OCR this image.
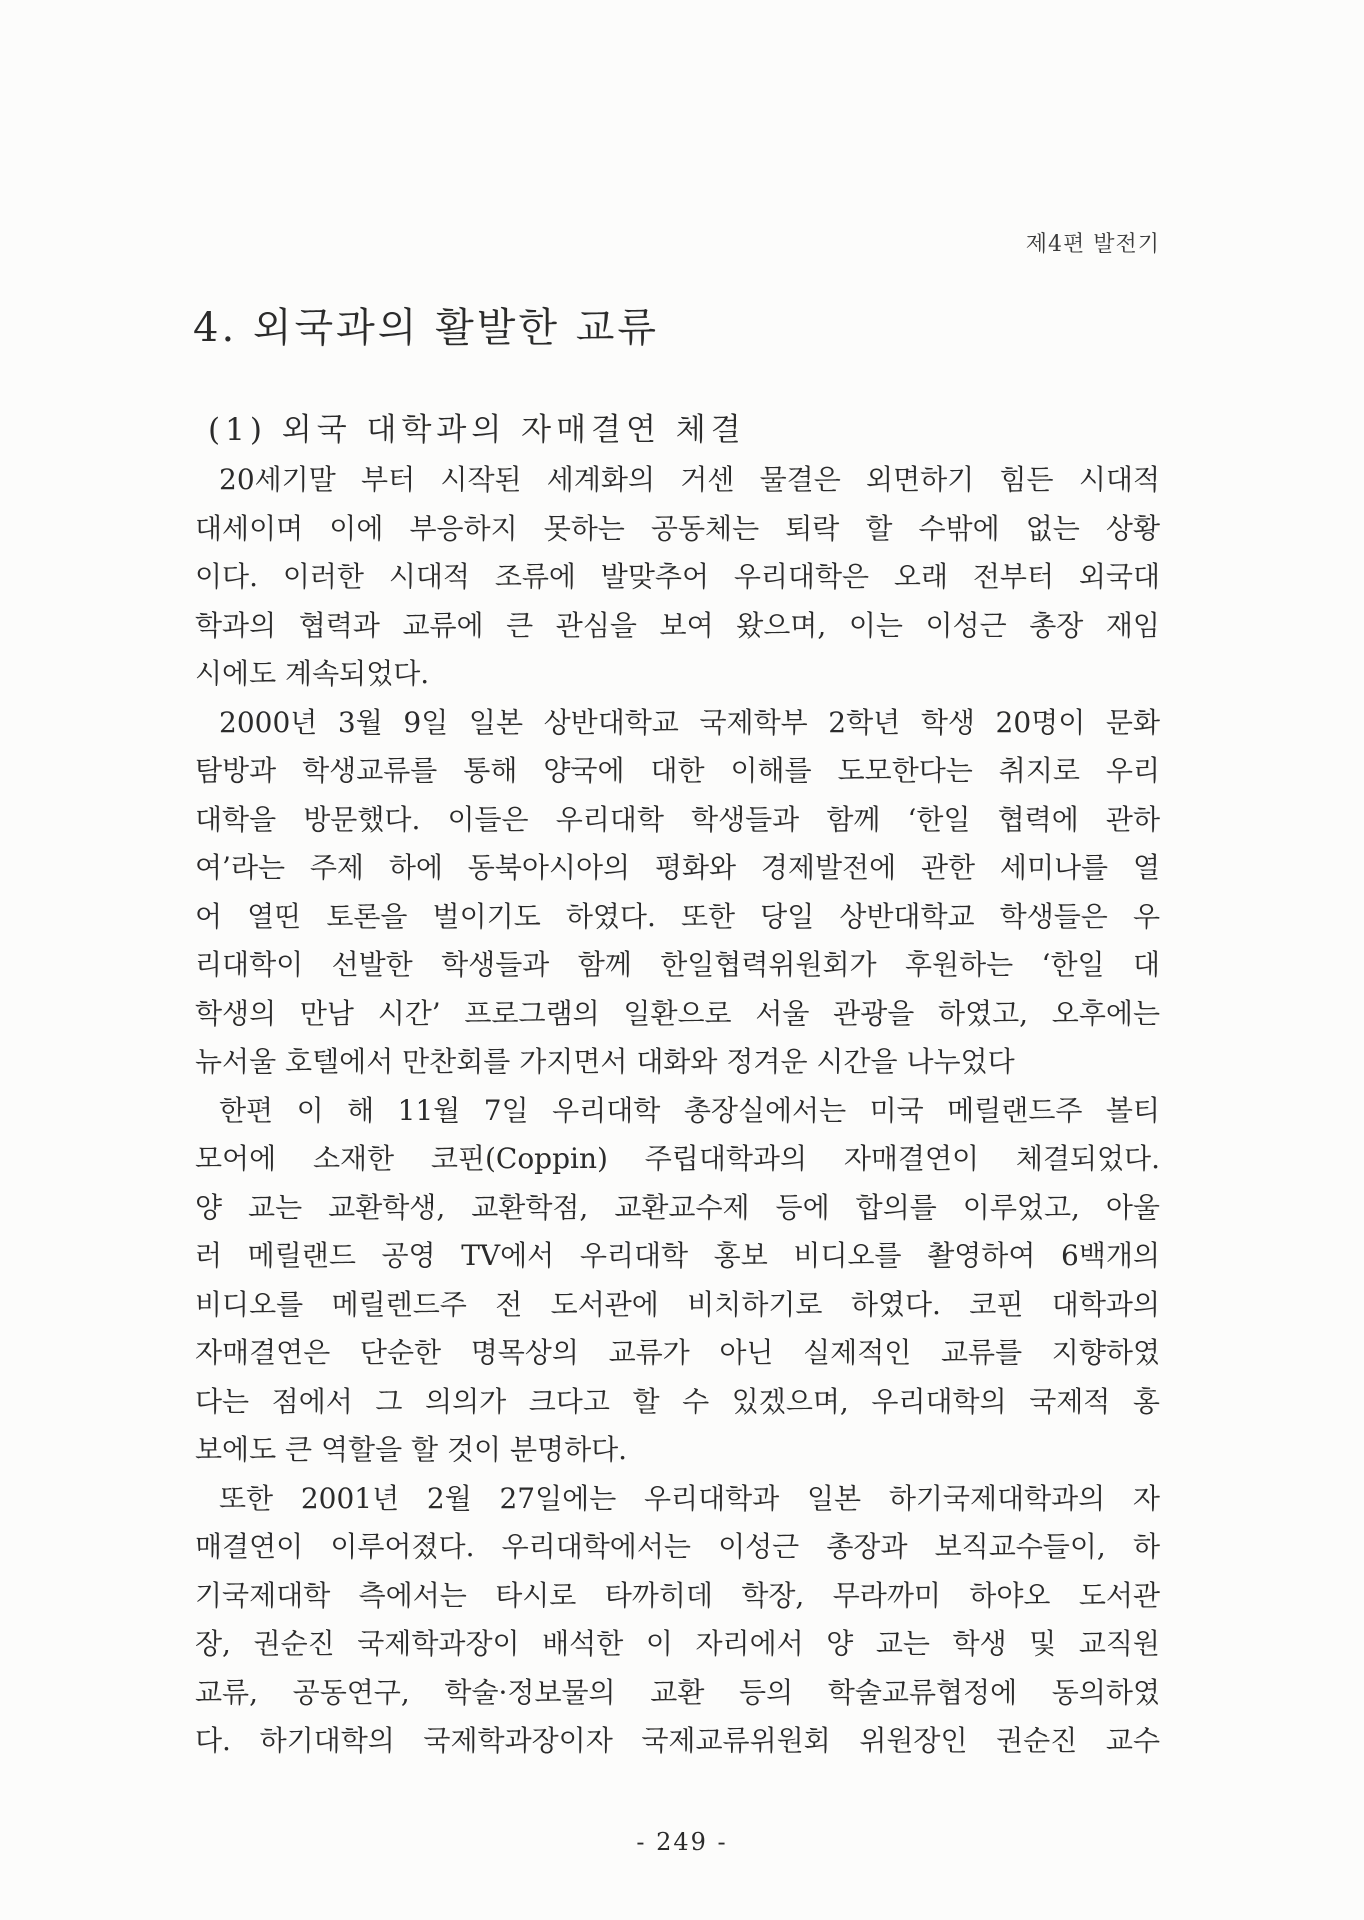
제4편 발전기
4. 외국과의 활발한 교류
(1) 외국 대학과의 자매결연 체결
20세기말 부터 시작된 세계화의 거센 물결은 외면하기 힘든 시대적
대세이며 이에 부응하지 못하는 공동체는 퇴락 할 수밖에 없는 상황
이다. 이러한 시대적 조류에 발맞추어 우리대학은 오래 전부터 외국대
학과의 협력과 교류에 큰 관심을 보여 왔으며, 이는 이성근 총장 재임
시에도 계속되었다.
2000년 3월 9일 일본 상반대학교 국제학부 2학년 학생 20명이 문화
탐방과 학생교류를 통해 양국에 대한 이해를 도모한다는 취지로 우리
대학을 방문했다. 이들은 우리대학 학생들과 함께 ‘한일 협력에 관하
여’라는 주제 하에 동북아시아의 평화와 경제발전에 관한 세미나를 열
어 열띤 토론을 벌이기도 하였다. 또한 당일 상반대학교 학생들은 우
리대학이 선발한 학생들과 함께 한일협력위원회가 후원하는 ‘한일 대
학생의 만남 시간’ 프로그램의 일환으로 서울 관광을 하였고, 오후에는
뉴서울 호텔에서 만찬회를 가지면서 대화와 정겨운 시간을 나누었다
한편 이 해 11월 7일 우리대학 총장실에서는 미국 메릴랜드주 볼티
모어에 소재한 코핀(Coppin) 주립대학과의 자매결연이 체결되었다.
양 교는 교환학생, 교환학점, 교환교수제 등에 합의를 이루었고, 아울
러 메릴랜드 공영 TV에서 우리대학 홍보 비디오를 촬영하여 6백개의
비디오를 메릴렌드주 전 도서관에 비치하기로 하였다. 코핀 대학과의
자매결연은 단순한 명목상의 교류가 아닌 실제적인 교류를 지향하였
다는 점에서 그 의의가 크다고 할 수 있겠으며, 우리대학의 국제적 홍
보에도 큰 역할을 할 것이 분명하다.
또한 2001년 2월 27일에는 우리대학과 일본 하기국제대학과의 자
매결연이 이루어졌다. 우리대학에서는 이성근 총장과 보직교수들이, 하
기국제대학 측에서는 타시로 타까히데 학장, 무라까미 하야오 도서관
장, 권순진 국제학과장이 배석한 이 자리에서 양 교는 학생 및 교직원
교류, 공동연구, 학술·정보물의 교환 등의 학술교류협정에 동의하였
다. 하기대학의 국제학과장이자 국제교류위원회 위원장인 권순진 교수
- 249 -
